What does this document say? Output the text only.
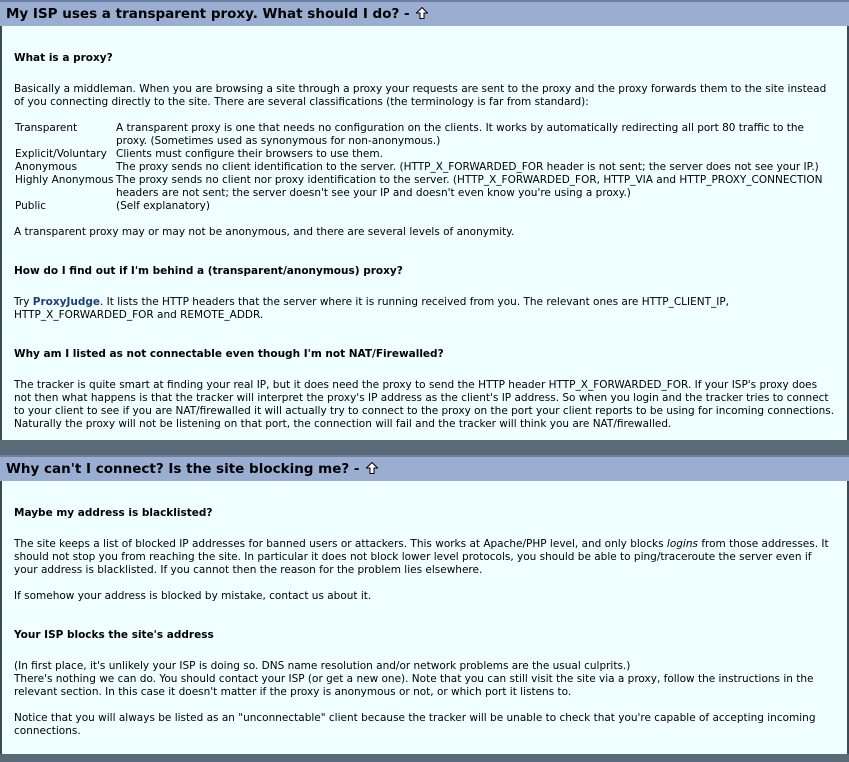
My ISP uses a transparent proxy. What should I do? -

What is a proxy?

Basically a middleman. When you are browsing a site through a proxy your requests are sent to the proxy and the proxy forwards them to the site instead of you connecting directly to the site. There are several classifications (the terminology is far from standard):

Transparent	A transparent proxy is one that needs no configuration on the clients. It works by automatically redirecting all port 80 traffic to the proxy. (Sometimes used as synonymous for non-anonymous.)
Explicit/Voluntary	Clients must configure their browsers to use them.
Anonymous	The proxy sends no client identification to the server. (HTTP_X_FORWARDED_FOR header is not sent; the server does not see your IP.)
Highly Anonymous	The proxy sends no client nor proxy identification to the server. (HTTP_X_FORWARDED_FOR, HTTP_VIA and HTTP_PROXY_CONNECTION headers are not sent; the server doesn't see your IP and doesn't even know you're using a proxy.)
Public	(Self explanatory)

A transparent proxy may or may not be anonymous, and there are several levels of anonymity.

How do I find out if I'm behind a (transparent/anonymous) proxy?

Try ProxyJudge. It lists the HTTP headers that the server where it is running received from you. The relevant ones are HTTP_CLIENT_IP, HTTP_X_FORWARDED_FOR and REMOTE_ADDR.

Why am I listed as not connectable even though I'm not NAT/Firewalled?

The tracker is quite smart at finding your real IP, but it does need the proxy to send the HTTP header HTTP_X_FORWARDED_FOR. If your ISP's proxy does not then what happens is that the tracker will interpret the proxy's IP address as the client's IP address. So when you login and the tracker tries to connect to your client to see if you are NAT/firewalled it will actually try to connect to the proxy on the port your client reports to be using for incoming connections. Naturally the proxy will not be listening on that port, the connection will fail and the tracker will think you are NAT/firewalled.

Why can't I connect? Is the site blocking me? -

Maybe my address is blacklisted?

The site keeps a list of blocked IP addresses for banned users or attackers. This works at Apache/PHP level, and only blocks logins from those addresses. It should not stop you from reaching the site. In particular it does not block lower level protocols, you should be able to ping/traceroute the server even if your address is blacklisted. If you cannot then the reason for the problem lies elsewhere.

If somehow your address is blocked by mistake, contact us about it.

Your ISP blocks the site's address

(In first place, it's unlikely your ISP is doing so. DNS name resolution and/or network problems are the usual culprits.)

There's nothing we can do. You should contact your ISP (or get a new one). Note that you can still visit the site via a proxy, follow the instructions in the relevant section. In this case it doesn't matter if the proxy is anonymous or not, or which port it listens to.

Notice that you will always be listed as an "unconnectable" client because the tracker will be unable to check that you're capable of accepting incoming connections.
